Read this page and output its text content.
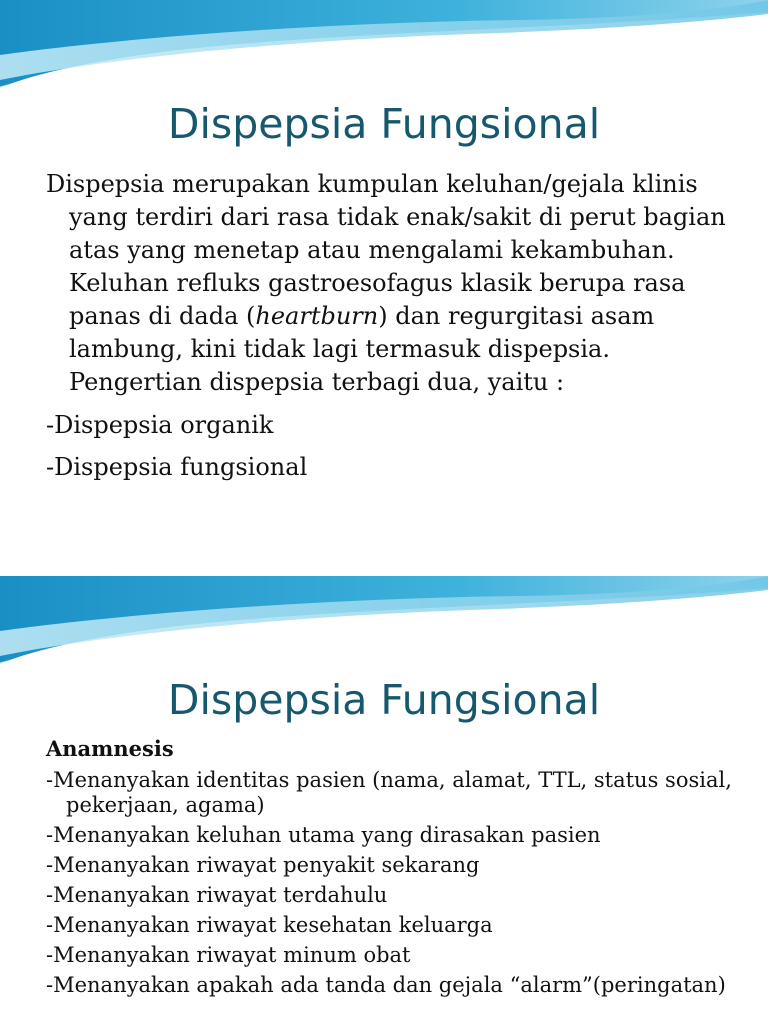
Dispepsia Fungsional

Dispepsia merupakan kumpulan keluhan/gejala klinis yang terdiri dari rasa tidak enak/sakit di perut bagian atas yang menetap atau mengalami kekambuhan. Keluhan refluks gastroesofagus klasik berupa rasa panas di dada (heartburn) dan regurgitasi asam lambung, kini tidak lagi termasuk dispepsia. Pengertian dispepsia terbagi dua, yaitu :

-Dispepsia organik
-Dispepsia fungsional
Dispepsia Fungsional
Anamnesis
-Menanyakan identitas pasien (nama, alamat, TTL, status sosial, pekerjaan, agama)
-Menanyakan keluhan utama yang dirasakan pasien
-Menanyakan riwayat penyakit sekarang
-Menanyakan riwayat terdahulu
-Menanyakan riwayat kesehatan keluarga
-Menanyakan riwayat minum obat
-Menanyakan apakah ada tanda dan gejala “alarm”(peringatan)
